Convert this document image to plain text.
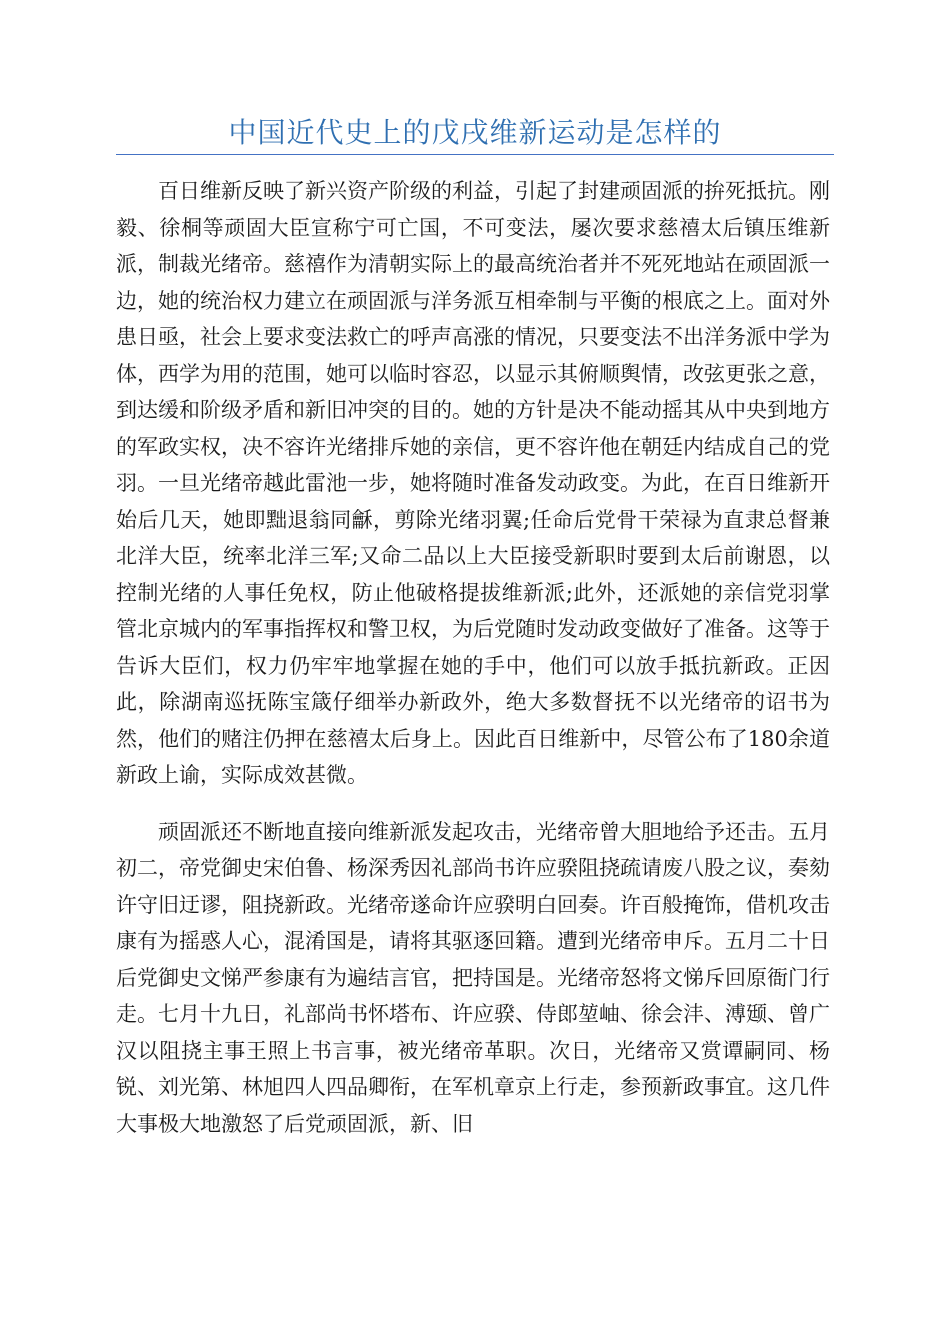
中国近代史上的戊戌维新运动是怎样的

百日维新反映了新兴资产阶级的利益，引起了封建顽固派的拚死抵抗。刚毅、徐桐等顽固大臣宣称宁可亡国，不可变法，屡次要求慈禧太后镇压维新派，制裁光绪帝。慈禧作为清朝实际上的最高统治者并不死死地站在顽固派一边，她的统治权力建立在顽固派与洋务派互相牵制与平衡的根底之上。面对外患日亟，社会上要求变法救亡的呼声高涨的情况，只要变法不出洋务派中学为体，西学为用的范围，她可以临时容忍，以显示其俯顺舆情，改弦更张之意，到达缓和阶级矛盾和新旧冲突的目的。她的方针是决不能动摇其从中央到地方的军政实权，决不容许光绪排斥她的亲信，更不容许他在朝廷内结成自己的党羽。一旦光绪帝越此雷池一步，她将随时准备发动政变。为此，在百日维新开始后几天，她即黜退翁同龢，剪除光绪羽翼;任命后党骨干荣禄为直隶总督兼北洋大臣，统率北洋三军;又命二品以上大臣接受新职时要到太后前谢恩，以控制光绪的人事任免权，防止他破格提拔维新派;此外，还派她的亲信党羽掌管北京城内的军事指挥权和警卫权，为后党随时发动政变做好了准备。这等于告诉大臣们，权力仍牢牢地掌握在她的手中，他们可以放手抵抗新政。正因此，除湖南巡抚陈宝箴仔细举办新政外，绝大多数督抚不以光绪帝的诏书为然，他们的赌注仍押在慈禧太后身上。因此百日维新中，尽管公布了180余道新政上谕，实际成效甚微。

顽固派还不断地直接向维新派发起攻击，光绪帝曾大胆地给予还击。五月初二，帝党御史宋伯鲁、杨深秀因礼部尚书许应骙阻挠疏请废八股之议，奏劾许守旧迂谬，阻挠新政。光绪帝遂命许应骙明白回奏。许百般掩饰，借机攻击康有为摇惑人心，混淆国是，请将其驱逐回籍。遭到光绪帝申斥。五月二十日后党御史文悌严参康有为遍结言官，把持国是。光绪帝怒将文悌斥回原衙门行走。七月十九日，礼部尚书怀塔布、许应骙、侍郎堃岫、徐会沣、溥颋、曾广汉以阻挠主事王照上书言事，被光绪帝革职。次日，光绪帝又赏谭嗣同、杨锐、刘光第、林旭四人四品卿衔，在军机章京上行走，参预新政事宜。这几件大事极大地激怒了后党顽固派，新、旧
